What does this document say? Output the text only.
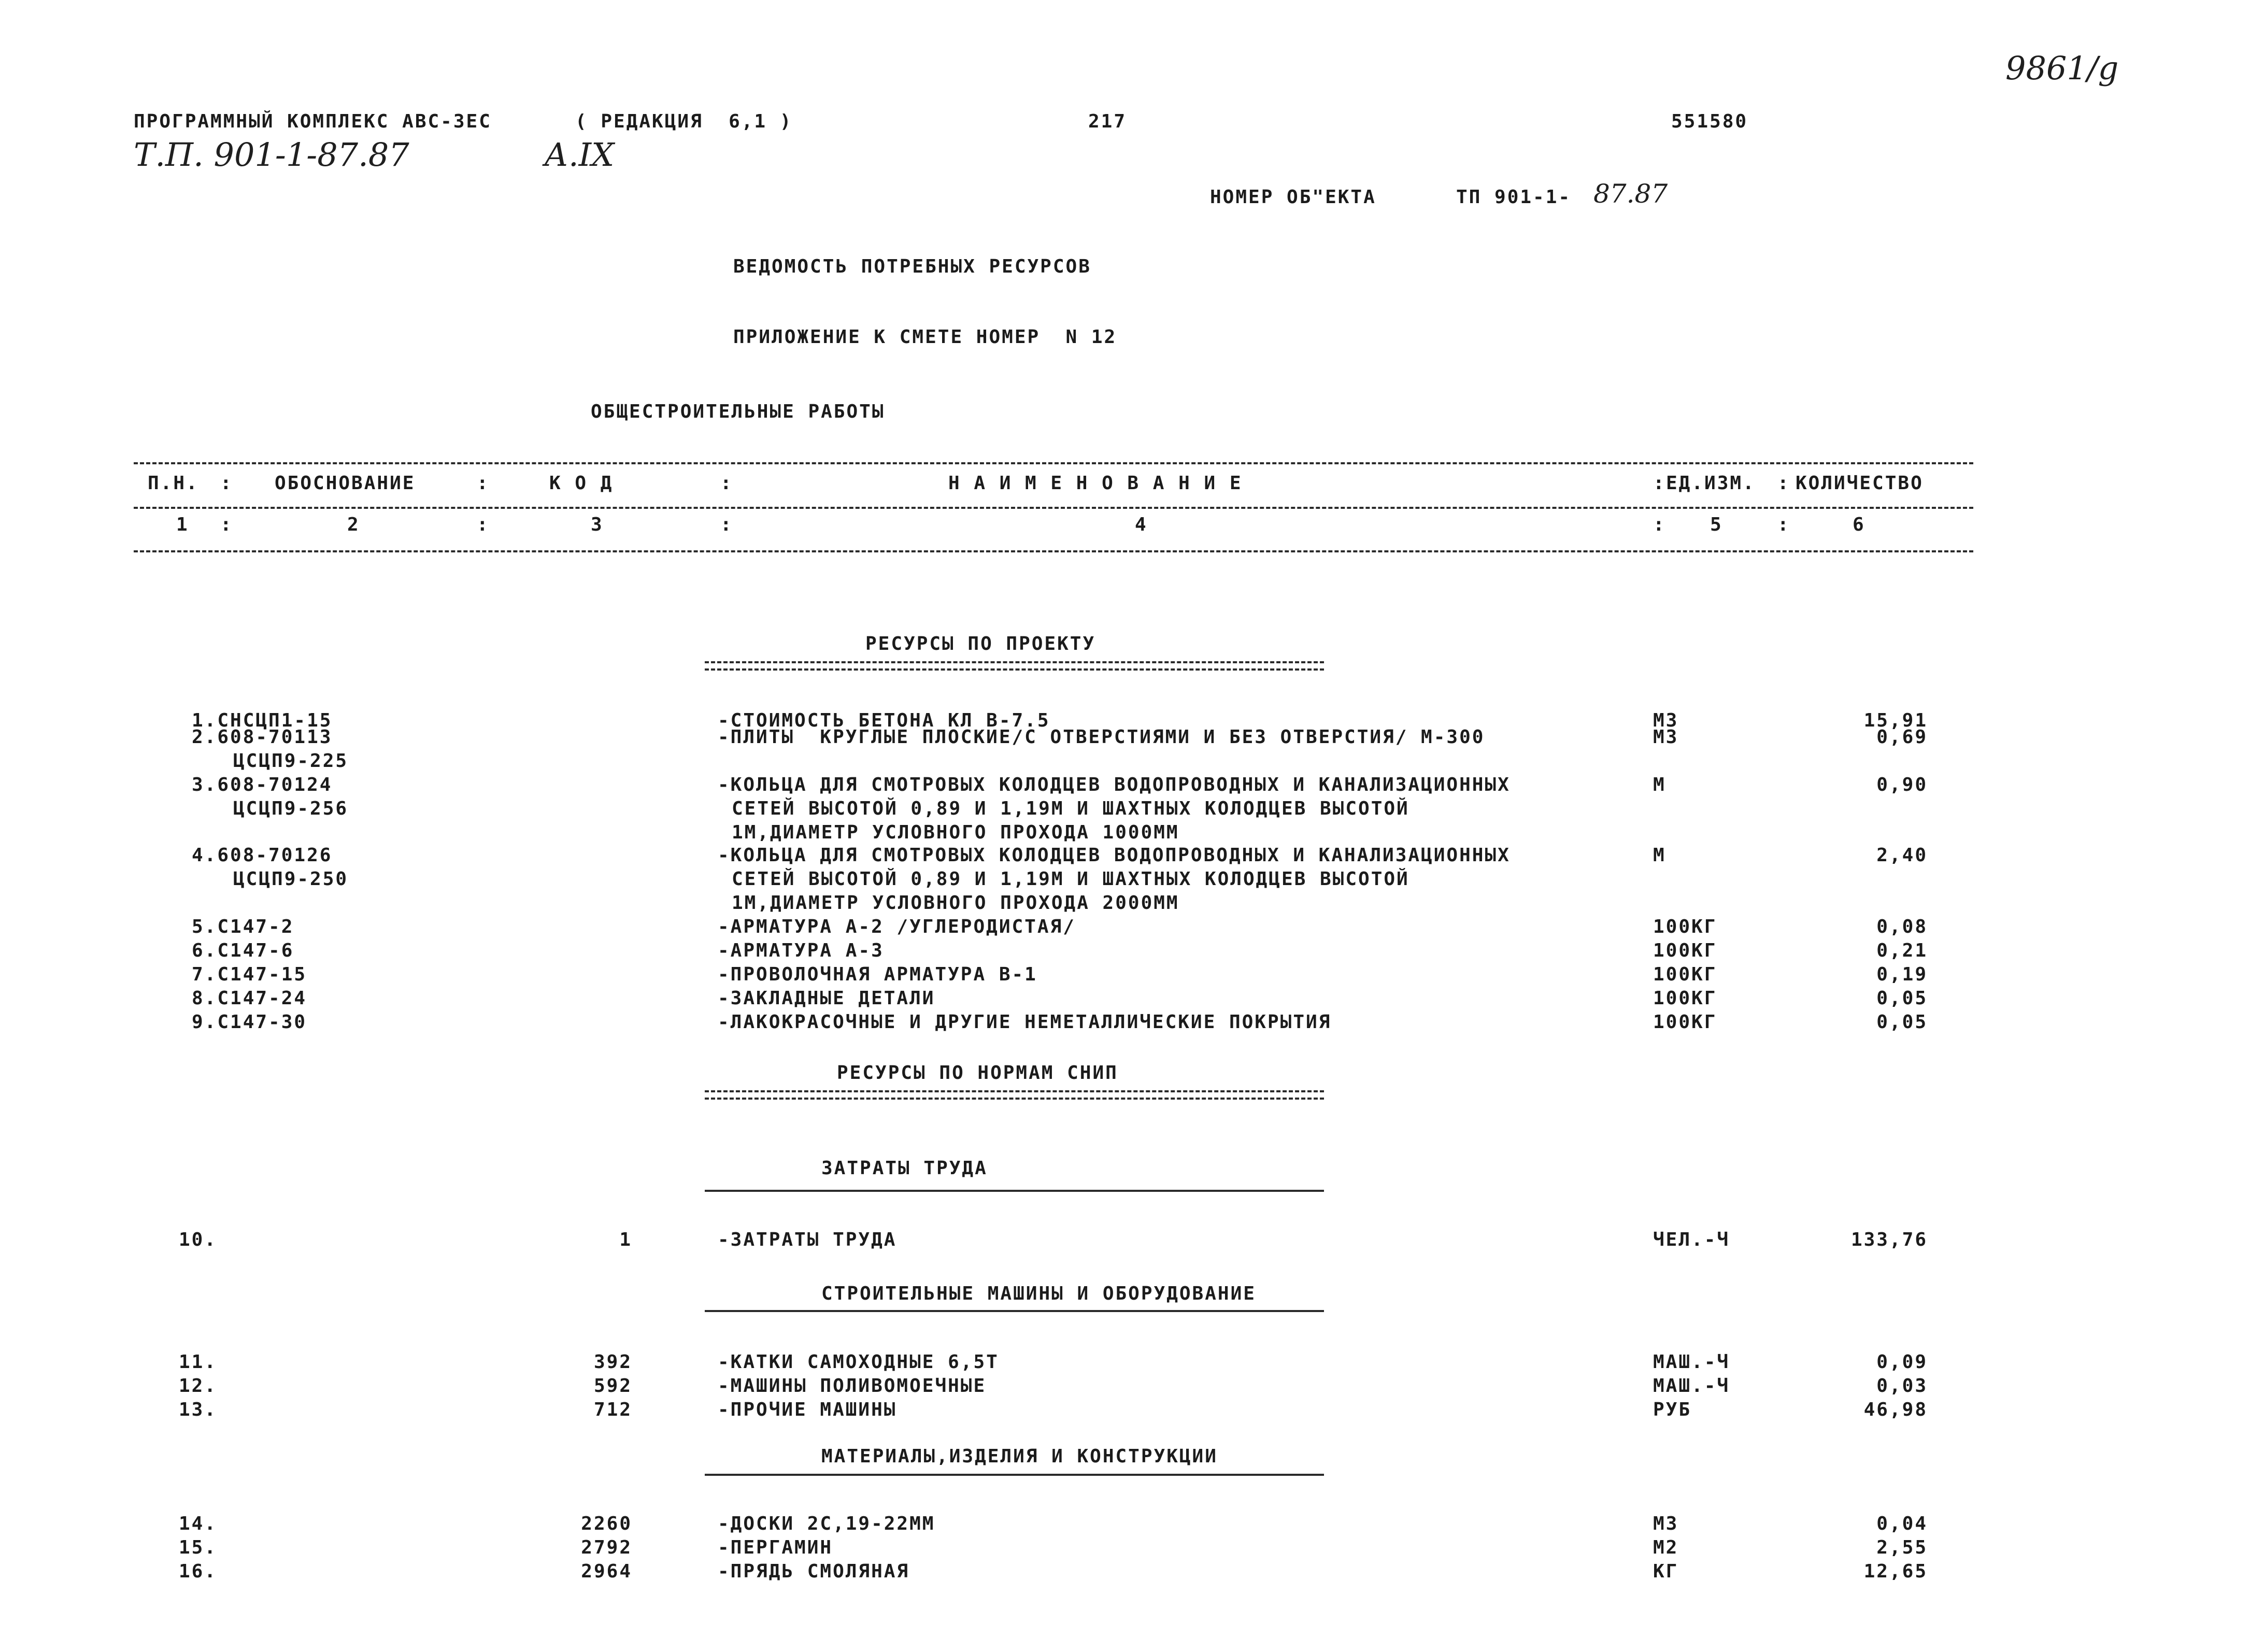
9861/g
ПРОГРАММНЫЙ КОМПЛЕКС АВС-3ЕС	( РЕДАКЦИЯ  6,1 )	217	551580
Т.П. 901-1-87.87	А.IX
НОМЕР ОБ"ЕКТА	ТП 901-1- 87.87
ВЕДОМОСТЬ ПОТРЕБНЫХ РЕСУРСОВ
ПРИЛОЖЕНИЕ К СМЕТЕ НОМЕР  N 12
ОБЩЕСТРОИТЕЛЬНЫЕ РАБОТЫ
П.Н. : ОБОСНОВАНИЕ	:	К О Д	:	Н А И М Е Н О В А Н И Е	: ЕД.ИЗМ. : КОЛИЧЕСТВО
1 :	2	:	3	:	4	: 5	:	6
РЕСУРСЫ ПО ПРОЕКТУ
РЕСУРСЫ ПО НОРМАМ СНИП
ЗАТРАТЫ ТРУДА
СТРОИТЕЛЬНЫЕ МАШИНЫ И ОБОРУДОВАНИЕ
МАТЕРИАЛЫ,ИЗДЕЛИЯ И КОНСТРУКЦИИ
1.СНСЦП1-15	-СТОИМОСТЬ БЕТОНА КЛ В-7.5	М3	15,91
2.608-70113	-ПЛИТЫ  КРУГЛЫЕ ПЛОСКИЕ/С ОТВЕРСТИЯМИ И БЕЗ ОТВЕРСТИЯ/ М-300	М3	0,69
ЦСЦП9-225
3.608-70124	-КОЛЬЦА ДЛЯ СМОТРОВЫХ КОЛОДЦЕВ ВОДОПРОВОДНЫХ И КАНАЛИЗАЦИОННЫХ	М	0,90
ЦСЦП9-256	СЕТЕЙ ВЫСОТОЙ 0,89 И 1,19М И ШАХТНЫХ КОЛОДЦЕВ ВЫСОТОЙ
1М,ДИАМЕТР УСЛОВНОГО ПРОХОДА 1000ММ
4.608-70126	-КОЛЬЦА ДЛЯ СМОТРОВЫХ КОЛОДЦЕВ ВОДОПРОВОДНЫХ И КАНАЛИЗАЦИОННЫХ	М	2,40
ЦСЦП9-250	СЕТЕЙ ВЫСОТОЙ 0,89 И 1,19М И ШАХТНЫХ КОЛОДЦЕВ ВЫСОТОЙ
1М,ДИАМЕТР УСЛОВНОГО ПРОХОДА 2000ММ
5.С147-2	-АРМАТУРА А-2 /УГЛЕРОДИСТАЯ/	100КГ	0,08
6.С147-6	-АРМАТУРА А-3	100КГ	0,21
7.С147-15	-ПРОВОЛОЧНАЯ АРМАТУРА В-1	100КГ	0,19
8.С147-24	-ЗАКЛАДНЫЕ ДЕТАЛИ	100КГ	0,05
9.С147-30	-ЛАКОКРАСОЧНЫЕ И ДРУГИЕ НЕМЕТАЛЛИЧЕСКИЕ ПОКРЫТИЯ	100КГ	0,05
10.	1	-ЗАТРАТЫ ТРУДА	ЧЕЛ.-Ч	133,76
11.	392	-КАТКИ САМОХОДНЫЕ 6,5Т	МАШ.-Ч	0,09
12.	592	-МАШИНЫ ПОЛИВОМОЕЧНЫЕ	МАШ.-Ч	0,03
13.	712	-ПРОЧИЕ МАШИНЫ	РУБ	46,98
14.	2260	-ДОСКИ 2С,19-22ММ	М3	0,04
15.	2792	-ПЕРГАМИН	М2	2,55
16.	2964	-ПРЯДЬ СМОЛЯНАЯ	КГ	12,65
